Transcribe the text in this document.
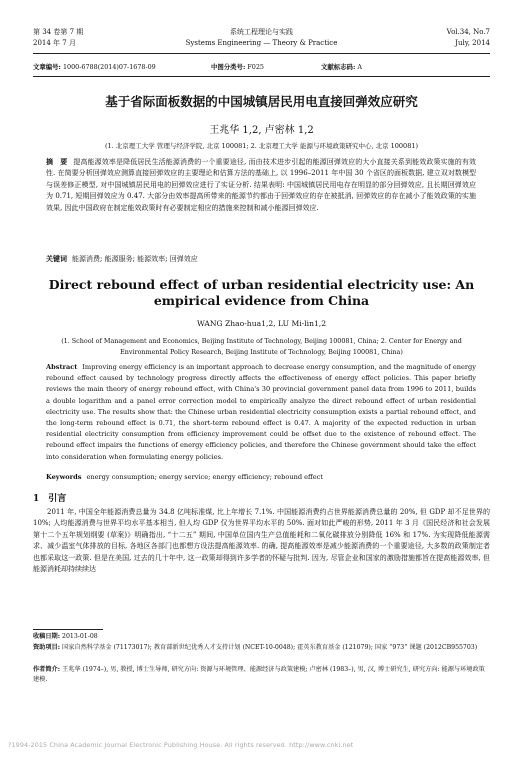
第 34 卷第 7 期
2014 年 7 月
系统工程理论与实践
Systems Engineering — Theory & Practice
Vol.34, No.7
July, 2014
文章编号: 1000-6788(2014)07-1678-09	中图分类号: F025	文献标志码: A
基于省际面板数据的中国城镇居民用电直接回弹效应研究
王兆华 1,2, 卢密林 1,2
(1. 北京理工大学 管理与经济学院, 北京 100081; 2. 北京理工大学 能源与环境政策研究中心, 北京 100081)
摘　要 提高能源效率是降低居民生活能源消费的一个重要途径, 而由技术进步引起的能源回弹效应的大小直接关系到能效政策实施的有效性. 在简要分析回弹效应测算直接回弹效应的主要理论和估算方法的基础上, 以 1996–2011 年中国 30 个省区的面板数据, 建立双对数模型与误差修正模型, 对中国城镇居民用电的回弹效应进行了实证分析. 结果表明: 中国城镇居民用电存在明显的部分回弹效应, 且长期回弹效应为 0.71, 短期回弹效应为 0.47. 大部分由效率提高所带来的能源节约都由于回弹效应的存在被抵消, 回弹效应的存在减小了能效政策的实施效果, 因此中国政府在制定能效政策时有必要制定相应的措施来控制和减小能源回弹效应.
关键词 能源消费; 能源服务; 能源效率; 回弹效应
Direct rebound effect of urban residential electricity use: An empirical evidence from China
WANG Zhao-hua1,2, LU Mi-lin1,2
(1. School of Management and Economics, Beijing Institute of Technology, Beijing 100081, China; 2. Center for Energy and Environmental Policy Research, Beijing Institute of Technology, Beijing 100081, China)
Abstract Improving energy efficiency is an important approach to decrease energy consumption, and the magnitude of energy rebound effect caused by technology progress directly affects the effectiveness of energy effect policies. This paper briefly reviews the main theory of energy rebound effect, with China's 30 provincial government panel data from 1996 to 2011, builds a double logarithm and a panel error correction model to empirically analyze the direct rebound effect of urban residential electricity use. The results show that: the Chinese urban residential electricity consumption exists a partial rebound effect, and the long-term rebound effect is 0.71, the short-term rebound effect is 0.47. A majority of the expected reduction in urban residential electricity consumption from efficiency improvement could be offset due to the existence of rebound effect. The rebound effect impairs the functions of energy efficiency policies, and therefore the Chinese government should take the effect into consideration when formulating energy policies.
Keywords energy consumption; energy service; energy efficiency; rebound effect
1　引言
2011 年, 中国全年能源消费总量为 34.8 亿吨标准煤, 比上年增长 7.1%. 中国能源消费约占世界能源消费总量的 20%, 但 GDP 却不足世界的 10%; 人均能源消费与世界平均水平基本相当, 但人均 GDP 仅为世界平均水平的 50%. 面对如此严峻的形势, 2011 年 3 月《国民经济和社会发展第十二个五年规划纲要 (草案)》明确指出, “十二五” 期间, 中国单位国内生产总值能耗和二氧化碳排放分别降低 16% 和 17%. 为实现降低能源需求、减少温室气体排放的目标, 各地区各部门也都想方设法提高能源效率. 的确, 提高能源效率是减少能源消费的一个重要途径, 大多数的政策制定者也都采取这一政策. 但是在美国, 过去的几十年中, 这一政策却得到许多学者的怀疑与批判. 因为, 尽管企业和国家的激励措施都旨在提高能源效率, 但能源消耗却持续续达
收稿日期: 2013-01-08
资助项目: 国家自然科学基金 (71173017); 教育部新世纪优秀人才支持计划 (NCET-10-0048); 霍英东教育基金 (121079); 国家 “973” 课题 (2012CB955703)
作者简介: 王兆华 (1974–), 男, 教授, 博士生导师, 研究方向: 资源与环境管理、能源经济与政策建模; 卢密林 (1983–), 男, 汉, 博士研究生, 研究方向: 能源与环境政策建模.
?1994-2015 China Academic Journal Electronic Publishing House. All rights reserved. http://www.cnki.net
